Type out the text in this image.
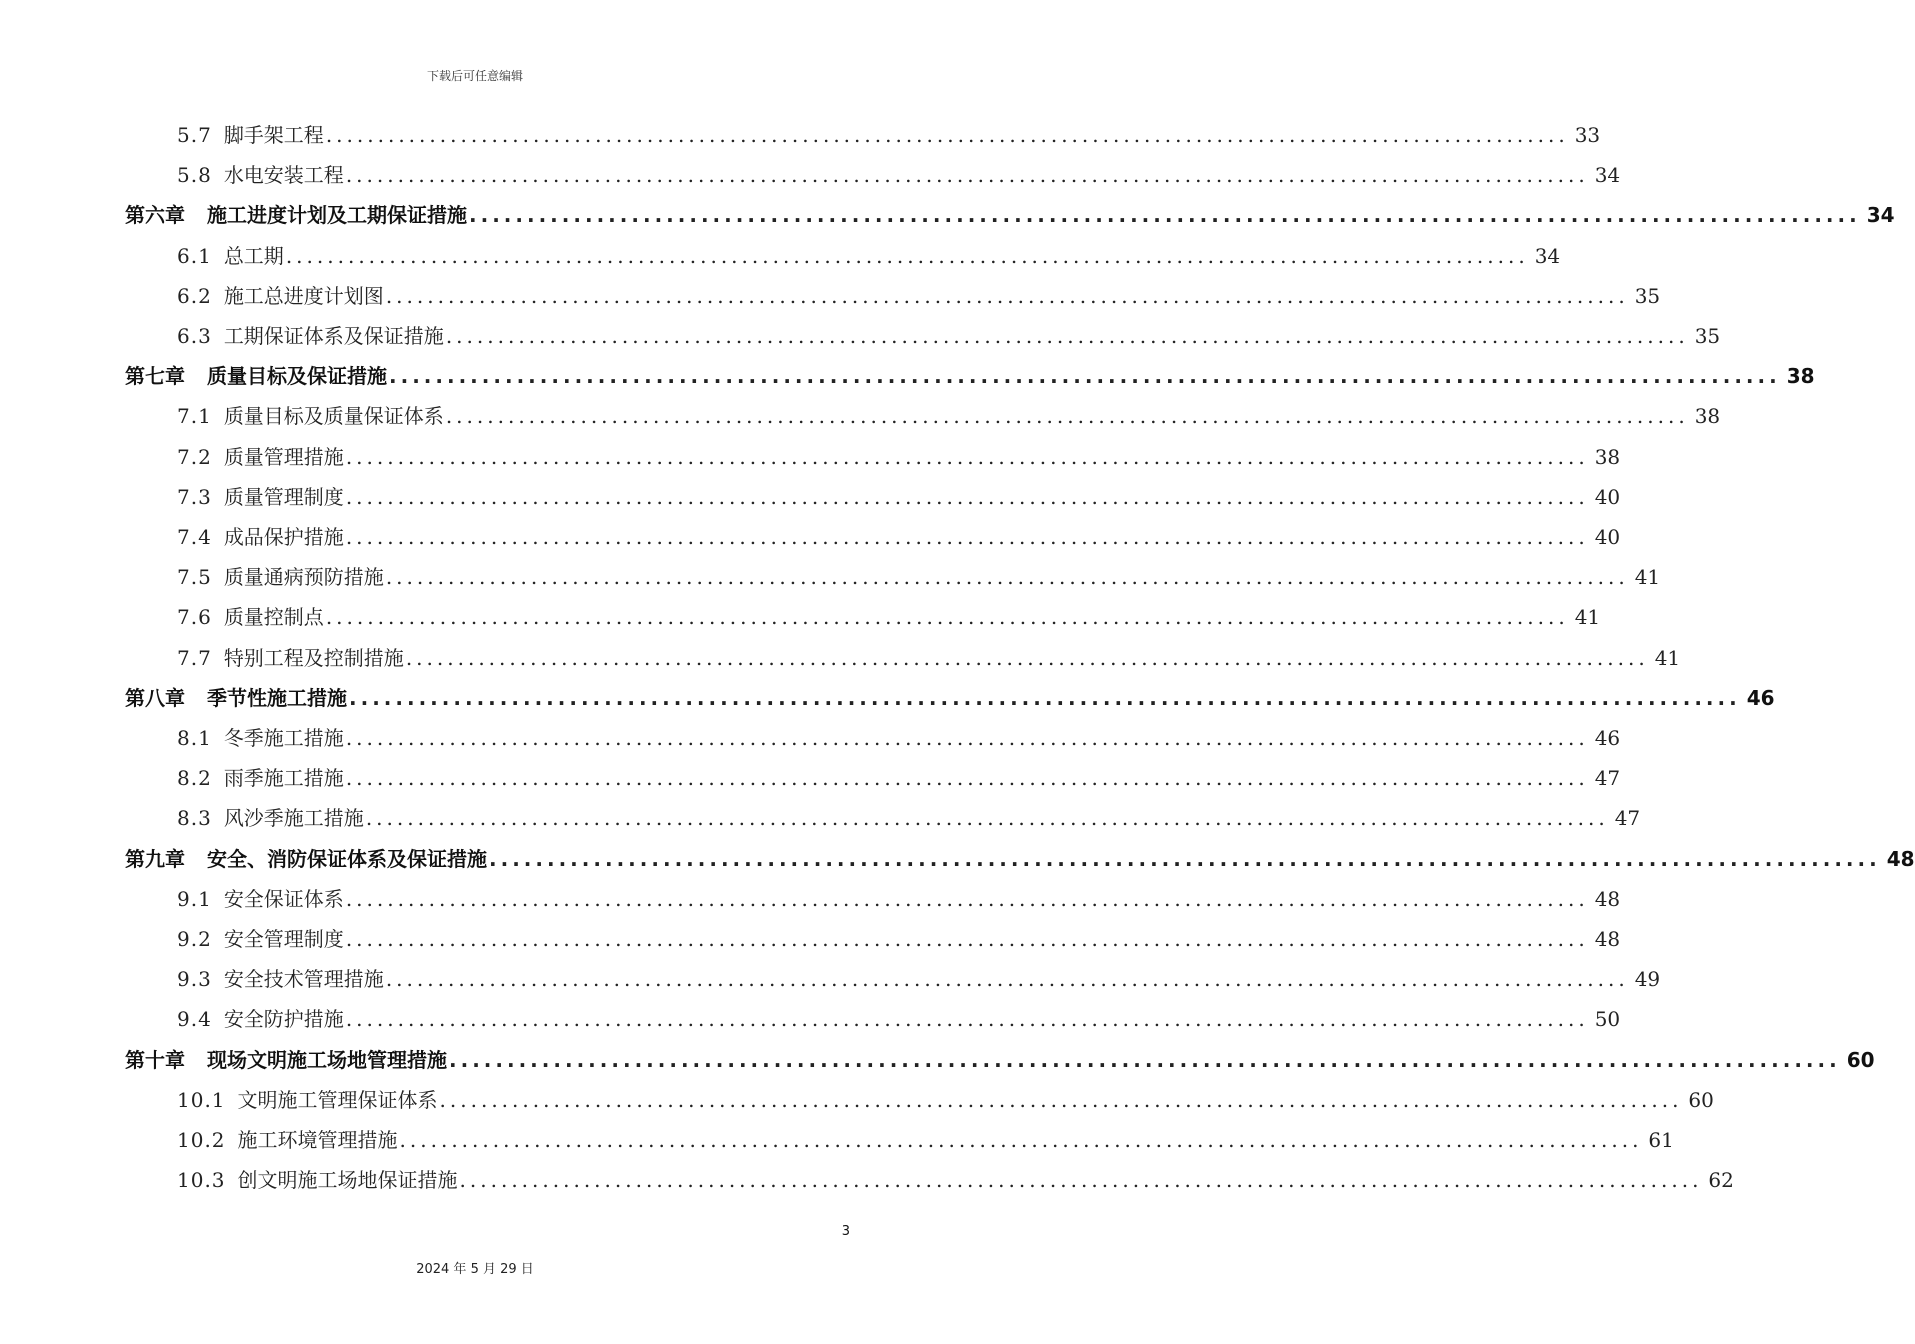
下载后可任意编辑
5.7 脚手架工程 ........................................................................................................................ 33
5.8 水电安装工程 ........................................................................................................................ 34
第六章 施工进度计划及工期保证措施 ........................................................................................................................ 34
6.1 总工期 ........................................................................................................................ 34
6.2 施工总进度计划图 ........................................................................................................................ 35
6.3 工期保证体系及保证措施 ........................................................................................................................ 35
第七章 质量目标及保证措施 ........................................................................................................................ 38
7.1 质量目标及质量保证体系 ........................................................................................................................ 38
7.2 质量管理措施 ........................................................................................................................ 38
7.3 质量管理制度 ........................................................................................................................ 40
7.4 成品保护措施 ........................................................................................................................ 40
7.5 质量通病预防措施 ........................................................................................................................ 41
7.6 质量控制点 ........................................................................................................................ 41
7.7 特别工程及控制措施 ........................................................................................................................ 41
第八章 季节性施工措施 ........................................................................................................................ 46
8.1 冬季施工措施 ........................................................................................................................ 46
8.2 雨季施工措施 ........................................................................................................................ 47
8.3 风沙季施工措施 ........................................................................................................................ 47
第九章 安全、消防保证体系及保证措施 ........................................................................................................................ 48
9.1 安全保证体系 ........................................................................................................................ 48
9.2 安全管理制度 ........................................................................................................................ 48
9.3 安全技术管理措施 ........................................................................................................................ 49
9.4 安全防护措施 ........................................................................................................................ 50
第十章 现场文明施工场地管理措施 ........................................................................................................................ 60
10.1 文明施工管理保证体系 ........................................................................................................................ 60
10.2 施工环境管理措施 ........................................................................................................................ 61
10.3 创文明施工场地保证措施 ........................................................................................................................ 62
3
2024 年 5 月 29 日
